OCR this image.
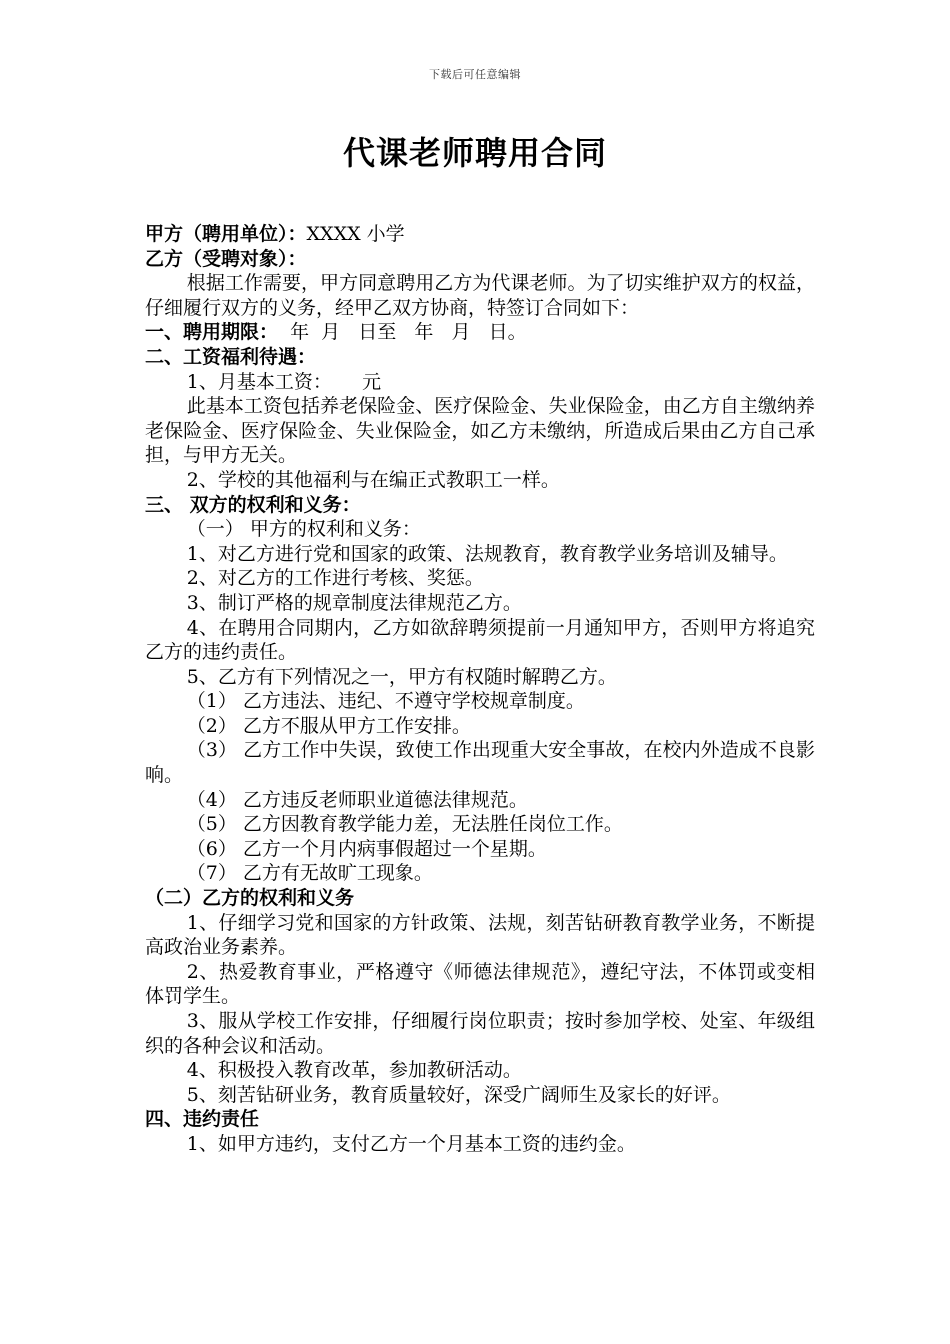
下载后可任意编辑
代课老师聘用合同
甲方（聘用单位）：XXXX 小学
乙方（受聘对象）：
根据工作需要，甲方同意聘用乙方为代课老师。为了切实维护双方的权益，仔细履行双方的义务，经甲乙双方协商，特签订合同如下：
一、聘用期限：  年  月   日至   年   月   日。
二、工资福利待遇：
1、月基本工资：     元
此基本工资包括养老保险金、医疗保险金、失业保险金，由乙方自主缴纳养老保险金、医疗保险金、失业保险金，如乙方未缴纳，所造成后果由乙方自己承担，与甲方无关。
2、学校的其他福利与在编正式教职工一样。
三、 双方的权利和义务：
（一） 甲方的权利和义务：
1、对乙方进行党和国家的政策、法规教育，教育教学业务培训及辅导。
2、对乙方的工作进行考核、奖惩。
3、制订严格的规章制度法律规范乙方。
4、在聘用合同期内，乙方如欲辞聘须提前一月通知甲方，否则甲方将追究乙方的违约责任。
5、乙方有下列情况之一，甲方有权随时解聘乙方。
（1） 乙方违法、违纪、不遵守学校规章制度。
（2） 乙方不服从甲方工作安排。
（3） 乙方工作中失误，致使工作出现重大安全事故，在校内外造成不良影响。
（4） 乙方违反老师职业道德法律规范。
（5） 乙方因教育教学能力差，无法胜任岗位工作。
（6） 乙方一个月内病事假超过一个星期。
（7） 乙方有无故旷工现象。
（二）乙方的权利和义务
1、仔细学习党和国家的方针政策、法规，刻苦钻研教育教学业务，不断提高政治业务素养。
2、热爱教育事业，严格遵守《师德法律规范》，遵纪守法，不体罚或变相体罚学生。
3、服从学校工作安排，仔细履行岗位职责；按时参加学校、处室、年级组织的各种会议和活动。
4、积极投入教育改革，参加教研活动。
5、刻苦钻研业务，教育质量较好，深受广阔师生及家长的好评。
四、违约责任
1、如甲方违约，支付乙方一个月基本工资的违约金。
